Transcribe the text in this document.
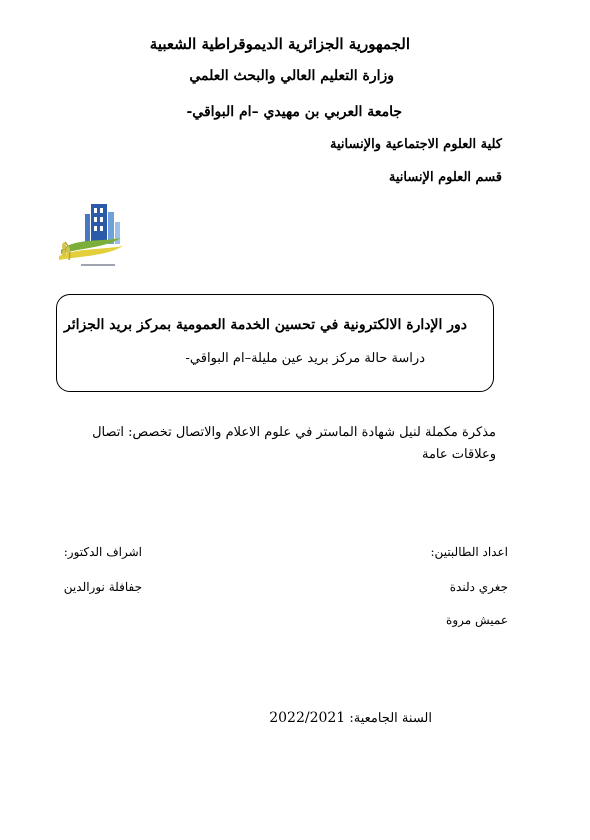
الجمهورية الجزائرية الديموقراطية الشعبية
وزارة التعليم العالي والبحث العلمي
جامعة العربي بن مهيدي –ام البواقي-
كلية العلوم الاجتماعية والإنسانية
قسم العلوم الإنسانية
دور الإدارة الالكترونية في تحسين الخدمة العمومية بمركز بريد الجزائر
دراسة حالة مركز بريد عين مليلة–ام البواقي-
مذكرة مكملة لنيل شهادة الماستر في علوم الاعلام والاتصال تخصص: اتصال وعلاقات عامة
اعداد الطالبتين:
اشراف الدكتور:
جغري دلندة
جفافلة نورالدين
عميش مروة
السنة الجامعية: 2022/2021
